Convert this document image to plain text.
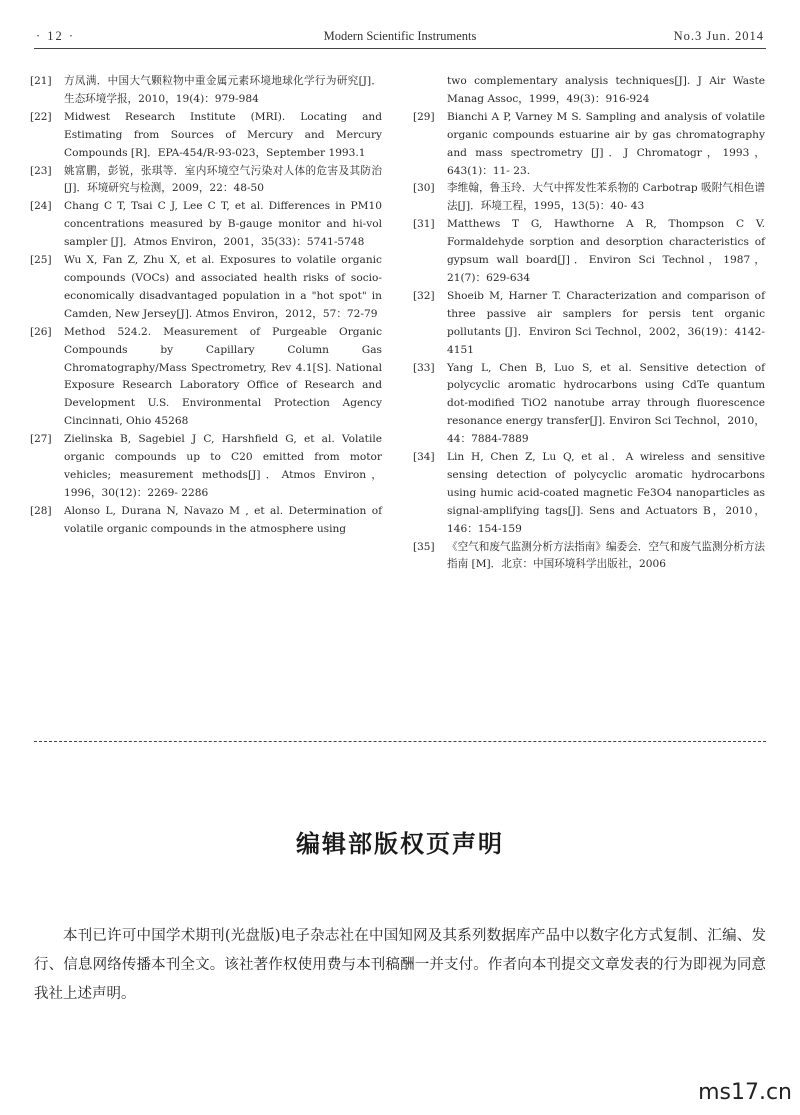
· 12 ·	Modern Scientific Instruments	No.3 Jun. 2014
[21] 方凤满．中国大气颗粒物中重金属元素环境地球化学行为研究[J]．生态环境学报，2010，19(4)：979-984
[22] Midwest Research Institute (MRI). Locating and Estimating from Sources of Mercury and Mercury Compounds [R]．EPA-454/R-93-023，September 1993.1
[23] 姚富鹏，彭锐，张琪等．室内环境空气污染对人体的危害及其防治[J]．环境研究与检测，2009，22：48-50
[24] Chang C T, Tsai C J, Lee C T, et al. Differences in PM10 concentrations measured by B-gauge monitor and hi-vol sampler [J]．Atmos Environ，2001，35(33)：5741-5748
[25] Wu X, Fan Z, Zhu X, et al. Exposures to volatile organic compounds (VOCs) and associated health risks of socio-economically disadvantaged population in a "hot spot" in Camden, New Jersey[J]. Atmos Environ，2012，57：72-79
[26] Method 524.2. Measurement of Purgeable Organic Compounds by Capillary Column Gas Chromatography/Mass Spectrometry, Rev 4.1[S]. National Exposure Research Laboratory Office of Research and Development U.S. Environmental Protection Agency Cincinnati, Ohio 45268
[27] Zielinska B, Sagebiel J C, Harshfield G, et al. Volatile organic compounds up to C20 emitted from motor vehicles; measurement methods[J]．Atmos Environ，1996，30(12)：2269- 2286
[28] Alonso L, Durana N, Navazo M , et al. Determination of volatile organic compounds in the atmosphere using
two complementary analysis techniques[J]. J Air Waste Manag Assoc，1999，49(3)：916-924
[29] Bianchi A P, Varney M S. Sampling and analysis of volatile organic compounds estuarine air by gas chromatography and mass spectrometry [J]．J Chromatogr，1993，643(1)：11- 23.
[30] 李维翰，鲁玉玲．大气中挥发性苯系物的 Carbotrap 吸附气相色谱法[J]．环境工程，1995，13(5)：40- 43
[31] Matthews T G, Hawthorne A R, Thompson C V. Formaldehyde sorption and desorption characteristics of gypsum wall board[J]．Environ Sci Technol，1987，21(7)：629-634
[32] Shoeib M, Harner T. Characterization and comparison of three passive air samplers for persis tent organic pollutants [J]．Environ Sci Technol，2002，36(19)：4142-4151
[33] Yang L, Chen B, Luo S, et al. Sensitive detection of polycyclic aromatic hydrocarbons using CdTe quantum dot-modified TiO2 nanotube array through fluorescence resonance energy transfer[J]. Environ Sci Technol，2010，44：7884-7889
[34] Lin H, Chen Z, Lu Q, et al．A wireless and sensitive sensing detection of polycyclic aromatic hydrocarbons using humic acid-coated magnetic Fe3O4 nanoparticles as signal-amplifying tags[J]. Sens and Actuators B，2010，146：154-159
[35] 《空气和废气监测分析方法指南》编委会．空气和废气监测分析方法指南 [M]．北京：中国环境科学出版社，2006
编辑部版权页声明

本刊已许可中国学术期刊(光盘版)电子杂志社在中国知网及其系列数据库产品中以数字化方式复制、汇编、发行、信息网络传播本刊全文。该社著作权使用费与本刊稿酬一并支付。作者向本刊提交文章发表的行为即视为同意我社上述声明。

ms17.cn
